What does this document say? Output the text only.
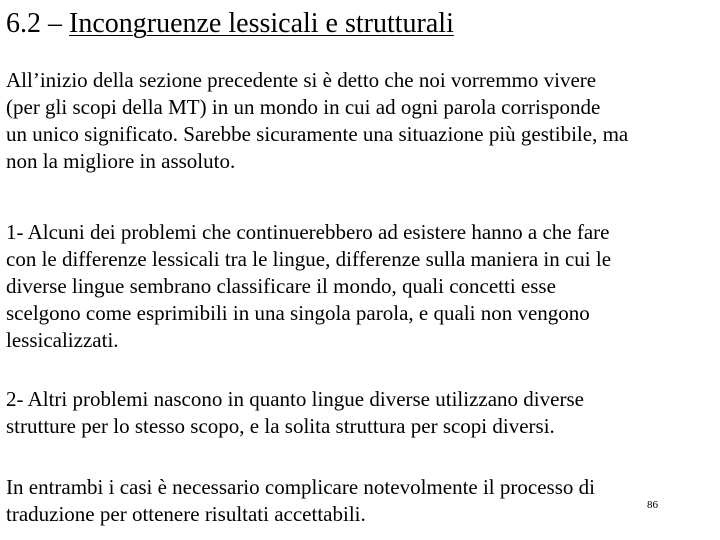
6.2 – Incongruenze lessicali e strutturali
All’inizio della sezione precedente si è detto che noi vorremmo vivere
(per gli scopi della MT) in un mondo in cui ad ogni parola corrisponde
un unico significato. Sarebbe sicuramente una situazione più gestibile, ma
non la migliore in assoluto.
1- Alcuni dei problemi che continuerebbero ad esistere hanno a che fare
con le differenze lessicali tra le lingue, differenze sulla maniera in cui le
diverse lingue sembrano classificare il mondo, quali concetti esse
scelgono come esprimibili in una singola parola, e quali non vengono
lessicalizzati.
2- Altri problemi nascono in quanto lingue diverse utilizzano diverse
strutture per lo stesso scopo, e la solita struttura per scopi diversi.
In entrambi i casi è necessario complicare notevolmente il processo di
traduzione per ottenere risultati accettabili.	86
